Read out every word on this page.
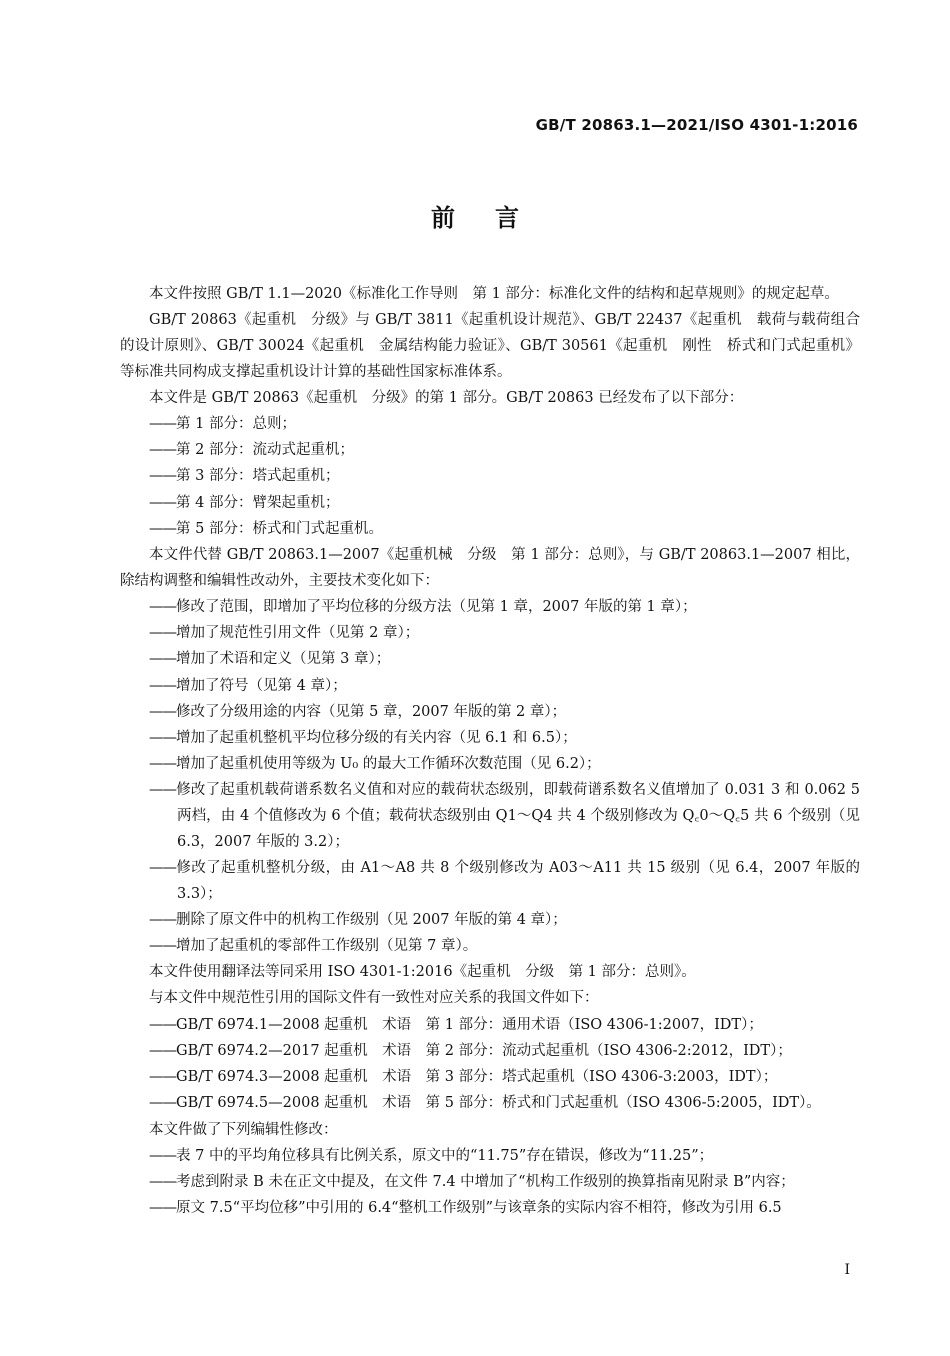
GB/T 20863.1—2021/ISO 4301-1:2016
前言
本文件按照 GB/T 1.1—2020《标准化工作导则　第 1 部分：标准化文件的结构和起草规则》的规定起草。
GB/T 20863《起重机　分级》与 GB/T 3811《起重机设计规范》、GB/T 22437《起重机　载荷与载荷组合的设计原则》、GB/T 30024《起重机　金属结构能力验证》、GB/T 30561《起重机　刚性　桥式和门式起重机》等标准共同构成支撑起重机设计计算的基础性国家标准体系。
本文件是 GB/T 20863《起重机　分级》的第 1 部分。GB/T 20863 已经发布了以下部分：
——第 1 部分：总则；
——第 2 部分：流动式起重机；
——第 3 部分：塔式起重机；
——第 4 部分：臂架起重机；
——第 5 部分：桥式和门式起重机。
本文件代替 GB/T 20863.1—2007《起重机械　分级　第 1 部分：总则》，与 GB/T 20863.1—2007 相比，除结构调整和编辑性改动外，主要技术变化如下：
——修改了范围，即增加了平均位移的分级方法（见第 1 章，2007 年版的第 1 章）；
——增加了规范性引用文件（见第 2 章）；
——增加了术语和定义（见第 3 章）；
——增加了符号（见第 4 章）；
——修改了分级用途的内容（见第 5 章，2007 年版的第 2 章）；
——增加了起重机整机平均位移分级的有关内容（见 6.1 和 6.5）；
——增加了起重机使用等级为 U₀ 的最大工作循环次数范围（见 6.2）；
——修改了起重机载荷谱系数名义值和对应的载荷状态级别，即载荷谱系数名义值增加了 0.031 3 和 0.062 5 两档，由 4 个值修改为 6 个值；载荷状态级别由 Q1～Q4 共 4 个级别修改为 Q꜀0～Q꜀5 共 6 个级别（见 6.3，2007 年版的 3.2）；
——修改了起重机整机分级，由 A1～A8 共 8 个级别修改为 A03～A11 共 15 级别（见 6.4，2007 年版的 3.3）；
——删除了原文件中的机构工作级别（见 2007 年版的第 4 章）；
——增加了起重机的零部件工作级别（见第 7 章）。
本文件使用翻译法等同采用 ISO 4301-1:2016《起重机　分级　第 1 部分：总则》。
与本文件中规范性引用的国际文件有一致性对应关系的我国文件如下：
——GB/T 6974.1—2008 起重机　术语　第 1 部分：通用术语（ISO 4306-1:2007，IDT）；
——GB/T 6974.2—2017 起重机　术语　第 2 部分：流动式起重机（ISO 4306-2:2012，IDT）；
——GB/T 6974.3—2008 起重机　术语　第 3 部分：塔式起重机（ISO 4306-3:2003，IDT）；
——GB/T 6974.5—2008 起重机　术语　第 5 部分：桥式和门式起重机（ISO 4306-5:2005，IDT）。
本文件做了下列编辑性修改：
——表 7 中的平均角位移具有比例关系，原文中的“11.75”存在错误，修改为“11.25”；
——考虑到附录 B 未在正文中提及，在文件 7.4 中增加了“机构工作级别的换算指南见附录 B”内容；
——原文 7.5“平均位移”中引用的 6.4“整机工作级别”与该章条的实际内容不相符，修改为引用 6.5
I
